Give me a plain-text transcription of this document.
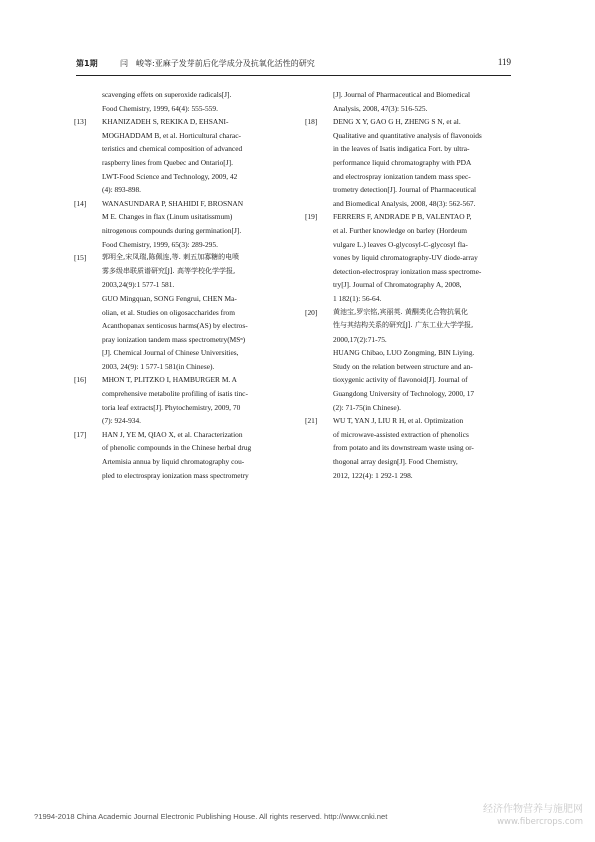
第1期	闫　峻等:亚麻子发芽前后化学成分及抗氧化活性的研究	119
scavenging effets on superoxide radicals[J].
Food Chemistry, 1999, 64(4): 555-559.
[13] KHANIZADEH S, REKIKA D, EHSANI-
MOGHADDAM B, et al. Horticultural charac-
teristics and chemical composition of advanced
raspberry lines from Quebec and Ontario[J].
LWT-Food Science and Technology, 2009, 42
(4): 893-898.
[14] WANASUNDARA P, SHAHIDI F, BROSNAN
M E. Changes in flax (Linum usitatissmum)
nitrogenous compounds during germination[J].
Food Chemistry, 1999, 65(3): 289-295.
[15] 郭明全,宋凤瑞,陈佩连,等. 刺五加寡糖的电喷
雾多级串联质谱研究[J]. 高等学校化学学报,
2003,24(9):1 577-1 581.
GUO Mingquan, SONG Fengrui, CHEN Ma-
olian, et al. Studies on oligosaccharides from
Acanthopanax senticosus harms(AS) by electros-
pray ionization tandem mass spectrometry(MSⁿ)
[J]. Chemical Journal of Chinese Universities,
2003, 24(9): 1 577-1 581(in Chinese).
[16] MHON T, PLITZKO I, HAMBURGER M. A
comprehensive metabolite profiling of isatis tinc-
toria leaf extracts[J]. Phytochemistry, 2009, 70
(7): 924-934.
[17] HAN J, YE M, QIAO X, et al. Characterization
of phenolic compounds in the Chinese herbal drug
Artemisia annua by liquid chromatography cou-
pled to electrospray ionization mass spectrometry
[J]. Journal of Pharmaceutical and Biomedical
Analysis, 2008, 47(3): 516-525.
[18] DENG X Y, GAO G H, ZHENG S N, et al.
Qualitative and quantitative analysis of flavonoids
in the leaves of Isatis indigatica Fort. by ultra-
performance liquid chromatography with PDA
and electrospray ionization tandem mass spec-
trometry detection[J]. Journal of Pharmaceutical
and Biomedical Analysis, 2008, 48(3): 562-567.
[19] FERRERS F, ANDRADE P B, VALENTAO P,
et al. Further knowledge on barley (Hordeum
vulgare L.) leaves O-glycosyl-C-glycosyl fla-
vones by liquid chromatography-UV diode-array
detection-electrospray ionization mass spectrome-
try[J]. Journal of Chromatography A, 2008,
1 182(1): 56-64.
[20] 黄池宝,罗宗铭,宾丽英. 黄酮类化合物抗氧化
性与其结构关系的研究[J]. 广东工业大学学报,
2000,17(2):71-75.
HUANG Chibao, LUO Zongming, BIN Liying.
Study on the relation between structure and an-
tioxygenic activity of flavonoid[J]. Journal of
Guangdong University of Technology, 2000, 17
(2): 71-75(in Chinese).
[21] WU T, YAN J, LIU R H, et al. Optimization
of microwave-assisted extraction of phenolics
from potato and its downstream waste using or-
thogonal array design[J]. Food Chemistry,
2012, 122(4): 1 292-1 298.
?1994-2018 China Academic Journal Electronic Publishing House. All rights reserved. http://www.cnki.net
经济作物营养与施肥网
www.fibercrops.com
